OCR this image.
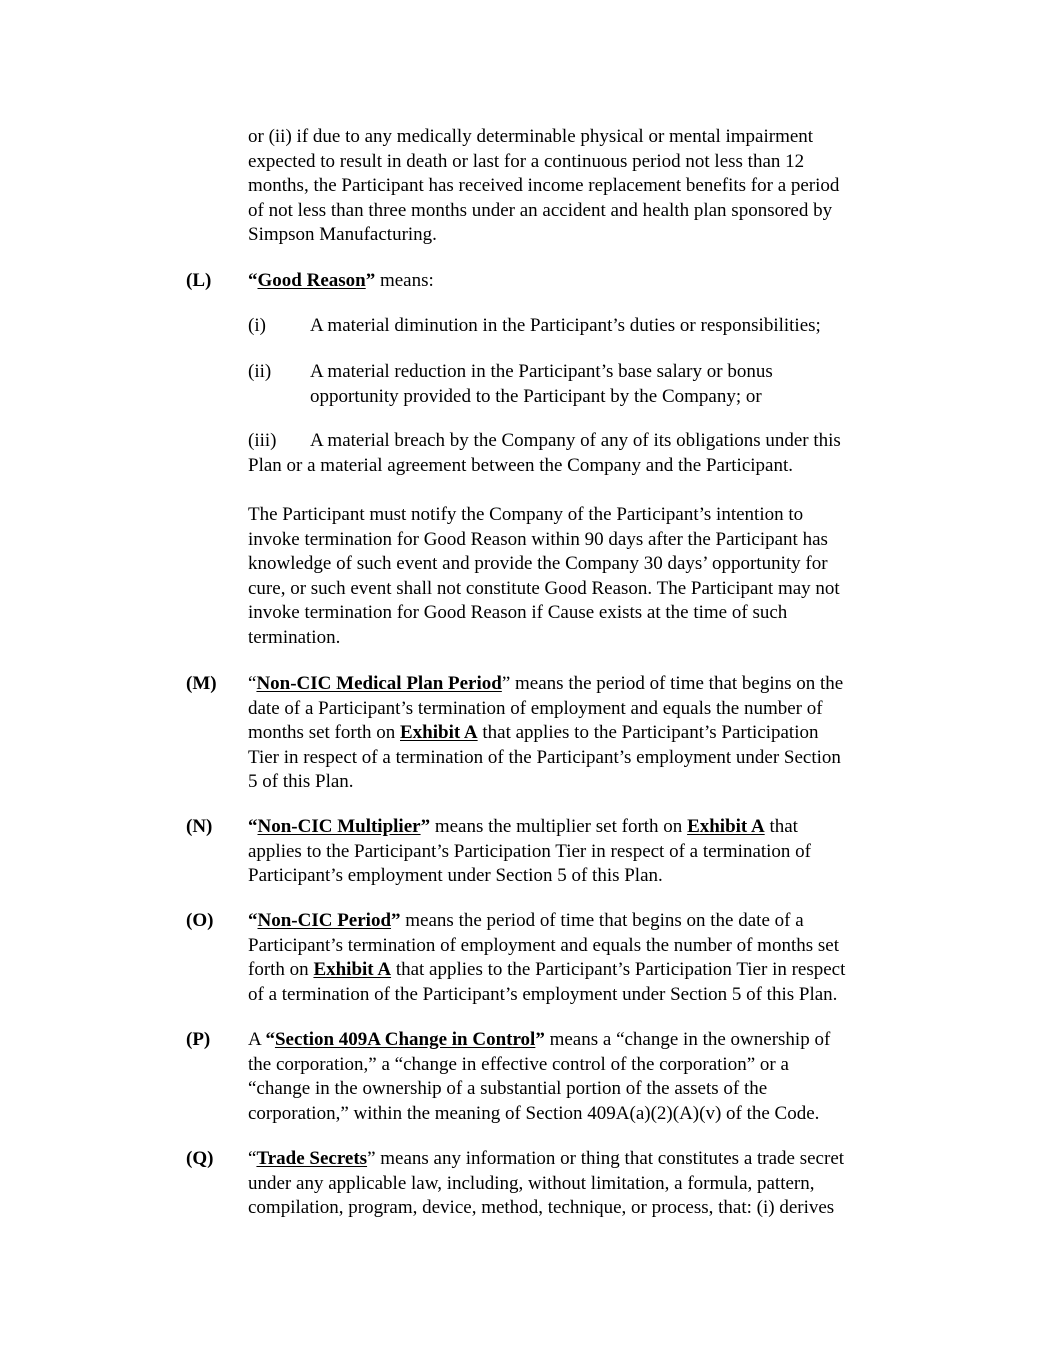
or (ii) if due to any medically determinable physical or mental impairment
expected to result in death or last for a continuous period not less than 12
months, the Participant has received income replacement benefits for a period
of not less than three months under an accident and health plan sponsored by
Simpson Manufacturing.

(L) “Good Reason” means:

(i) A material diminution in the Participant’s duties or responsibilities;

(ii) A material reduction in the Participant’s base salary or bonus
opportunity provided to the Participant by the Company; or

(iii) A material breach by the Company of any of its obligations under this

Plan or a material agreement between the Company and the Participant.

The Participant must notify the Company of the Participant’s intention to
invoke termination for Good Reason within 90 days after the Participant has
knowledge of such event and provide the Company 30 days’ opportunity for
cure, or such event shall not constitute Good Reason. The Participant may not
invoke termination for Good Reason if Cause exists at the time of such
termination.

(M) “Non-CIC Medical Plan Period” means the period of time that begins on the
date of a Participant’s termination of employment and equals the number of
months set forth on Exhibit A that applies to the Participant’s Participation
Tier in respect of a termination of the Participant’s employment under Section
5 of this Plan.

(N) “Non-CIC Multiplier” means the multiplier set forth on Exhibit A that
applies to the Participant’s Participation Tier in respect of a termination of
Participant’s employment under Section 5 of this Plan.

(O) “Non-CIC Period” means the period of time that begins on the date of a
Participant’s termination of employment and equals the number of months set
forth on Exhibit A that applies to the Participant’s Participation Tier in respect
of a termination of the Participant’s employment under Section 5 of this Plan.

(P) A “Section 409A Change in Control” means a “change in the ownership of
the corporation,” a “change in effective control of the corporation” or a
“change in the ownership of a substantial portion of the assets of the
corporation,” within the meaning of Section 409A(a)(2)(A)(v) of the Code.

(Q) “Trade Secrets” means any information or thing that constitutes a trade secret
under any applicable law, including, without limitation, a formula, pattern,
compilation, program, device, method, technique, or process, that: (i) derives
